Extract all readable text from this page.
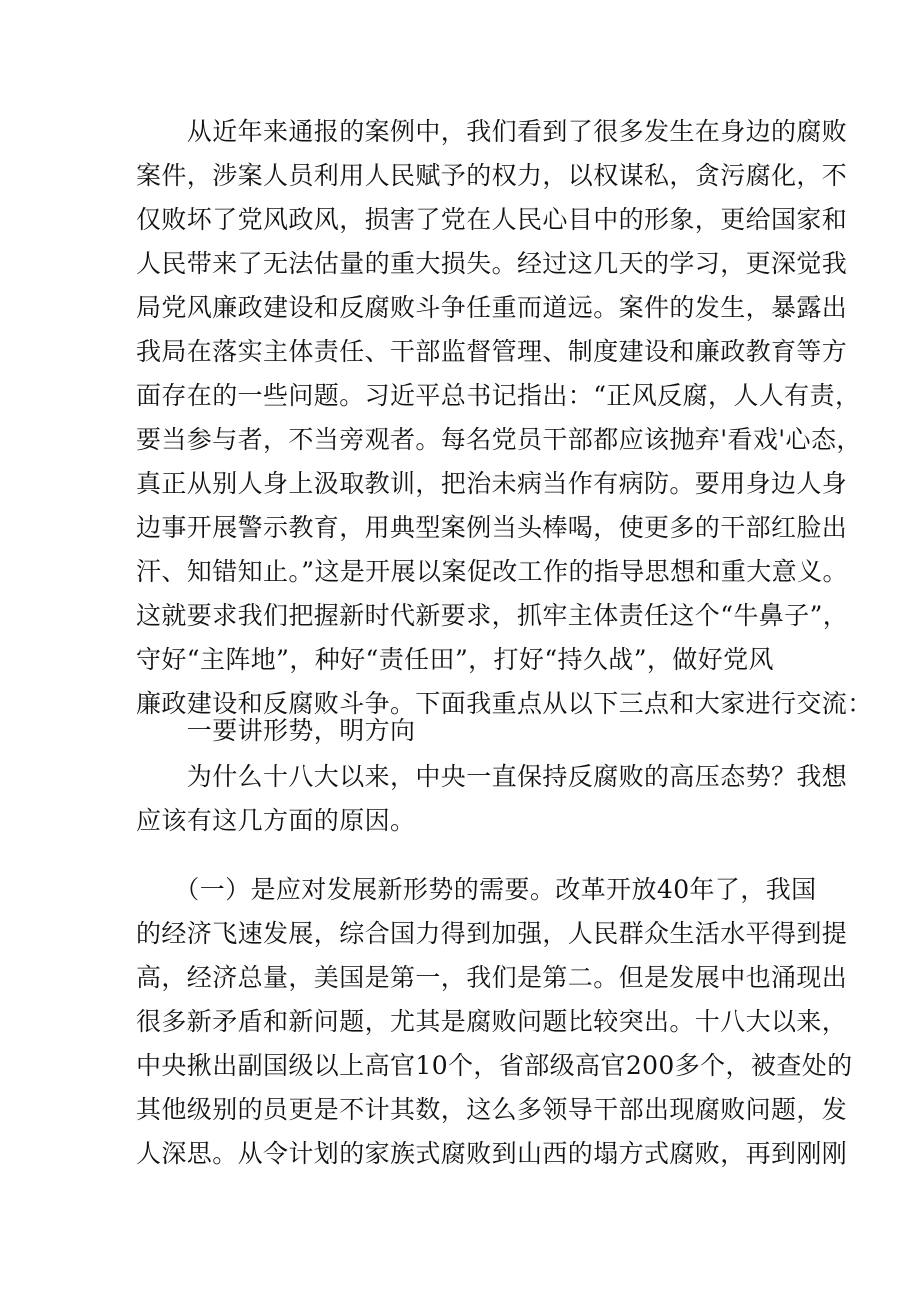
　　从近年来通报的案例中，我们看到了很多发生在身边的腐败
案件，涉案人员利用人民赋予的权力，以权谋私，贪污腐化，不
仅败坏了党风政风，损害了党在人民心目中的形象，更给国家和
人民带来了无法估量的重大损失。经过这几天的学习，更深觉我
局党风廉政建设和反腐败斗争任重而道远。案件的发生，暴露出
我局在落实主体责任、干部监督管理、制度建设和廉政教育等方
面存在的一些问题。习近平总书记指出：“正风反腐，人人有责，
要当参与者，不当旁观者。每名党员干部都应该抛弃'看戏'心态，
真正从别人身上汲取教训，把治未病当作有病防。要用身边人身
边事开展警示教育，用典型案例当头棒喝，使更多的干部红脸出
汗、知错知止。”这是开展以案促改工作的指导思想和重大意义。
这就要求我们把握新时代新要求，抓牢主体责任这个“牛鼻子”，
守好“主阵地”，种好“责任田”，打好“持久战”，做好党风
廉政建设和反腐败斗争。下面我重点从以下三点和大家进行交流：
　　一要讲形势，明方向
　　为什么十八大以来，中央一直保持反腐败的高压态势？我想
应该有这几方面的原因。
　　（一）是应对发展新形势的需要。改革开放40年了，我国
的经济飞速发展，综合国力得到加强，人民群众生活水平得到提
高，经济总量，美国是第一，我们是第二。但是发展中也涌现出
很多新矛盾和新问题，尤其是腐败问题比较突出。十八大以来，
中央揪出副国级以上高官10个，省部级高官200多个，被查处的
其他级别的员更是不计其数，这么多领导干部出现腐败问题，发
人深思。从令计划的家族式腐败到山西的塌方式腐败，再到刚刚
